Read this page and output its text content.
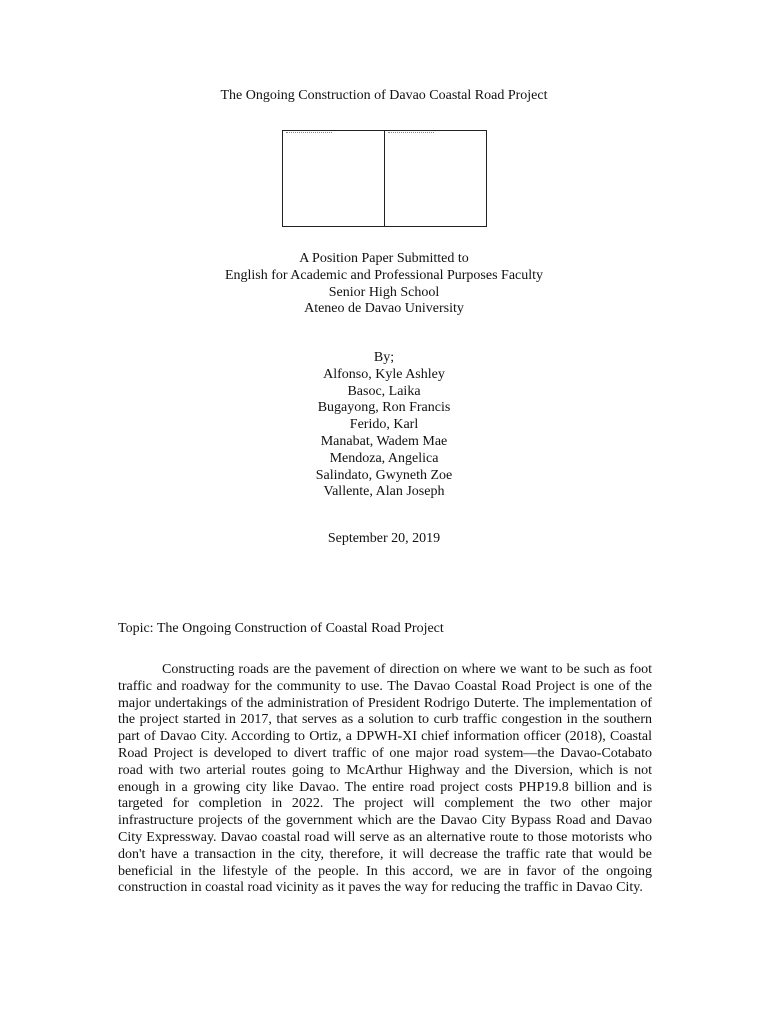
The Ongoing Construction of Davao Coastal Road Project
A Position Paper Submitted to
English for Academic and Professional Purposes Faculty
Senior High School
Ateneo de Davao University
By;
Alfonso, Kyle Ashley
Basoc, Laika
Bugayong, Ron Francis
Ferido, Karl
Manabat, Wadem Mae
Mendoza, Angelica
Salindato, Gwyneth Zoe
Vallente, Alan Joseph
September 20, 2019
Topic: The Ongoing Construction of Coastal Road Project
Constructing roads are the pavement of direction on where we want to be such as foot traffic and roadway for the community to use. The Davao Coastal Road Project is one of the major undertakings of the administration of President Rodrigo Duterte. The implementation of the project started in 2017, that serves as a solution to curb traffic congestion in the southern part of Davao City. According to Ortiz, a DPWH-XI chief information officer (2018), Coastal Road Project is developed to divert traffic of one major road system—the Davao-Cotabato road with two arterial routes going to McArthur Highway and the Diversion, which is not enough in a growing city like Davao. The entire road project costs PHP19.8 billion and is targeted for completion in 2022. The project will complement the two other major infrastructure projects of the government which are the Davao City Bypass Road and Davao City Expressway. Davao coastal road will serve as an alternative route to those motorists who don't have a transaction in the city, therefore, it will decrease the traffic rate that would be beneficial in the lifestyle of the people. In this accord, we are in favor of the ongoing construction in coastal road vicinity as it paves the way for reducing the traffic in Davao City.
